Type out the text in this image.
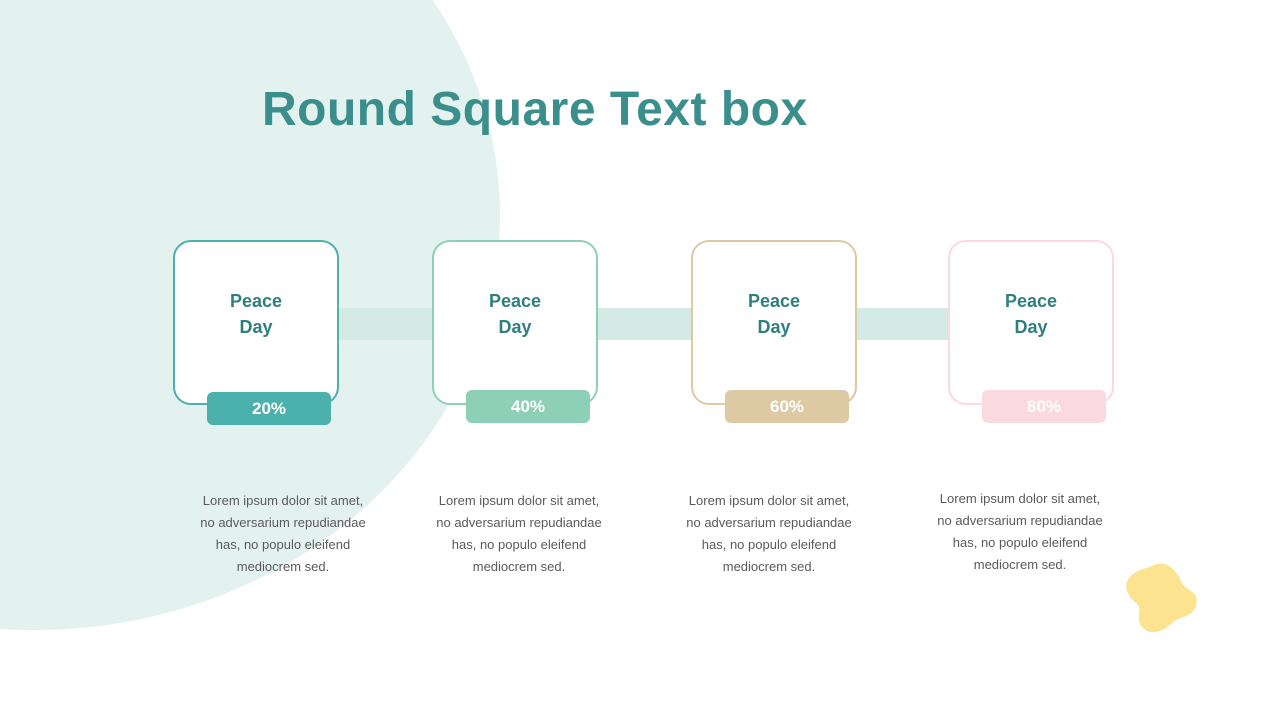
Round Square Text box
Peace
Day
20%
Lorem ipsum dolor sit amet, no adversarium repudiandae has, no populo eleifend mediocrem sed.
Peace
Day
40%
Lorem ipsum dolor sit amet, no adversarium repudiandae has, no populo eleifend mediocrem sed.
Peace
Day
60%
Lorem ipsum dolor sit amet, no adversarium repudiandae has, no populo eleifend mediocrem sed.
Peace
Day
80%
Lorem ipsum dolor sit amet, no adversarium repudiandae has, no populo eleifend mediocrem sed.
